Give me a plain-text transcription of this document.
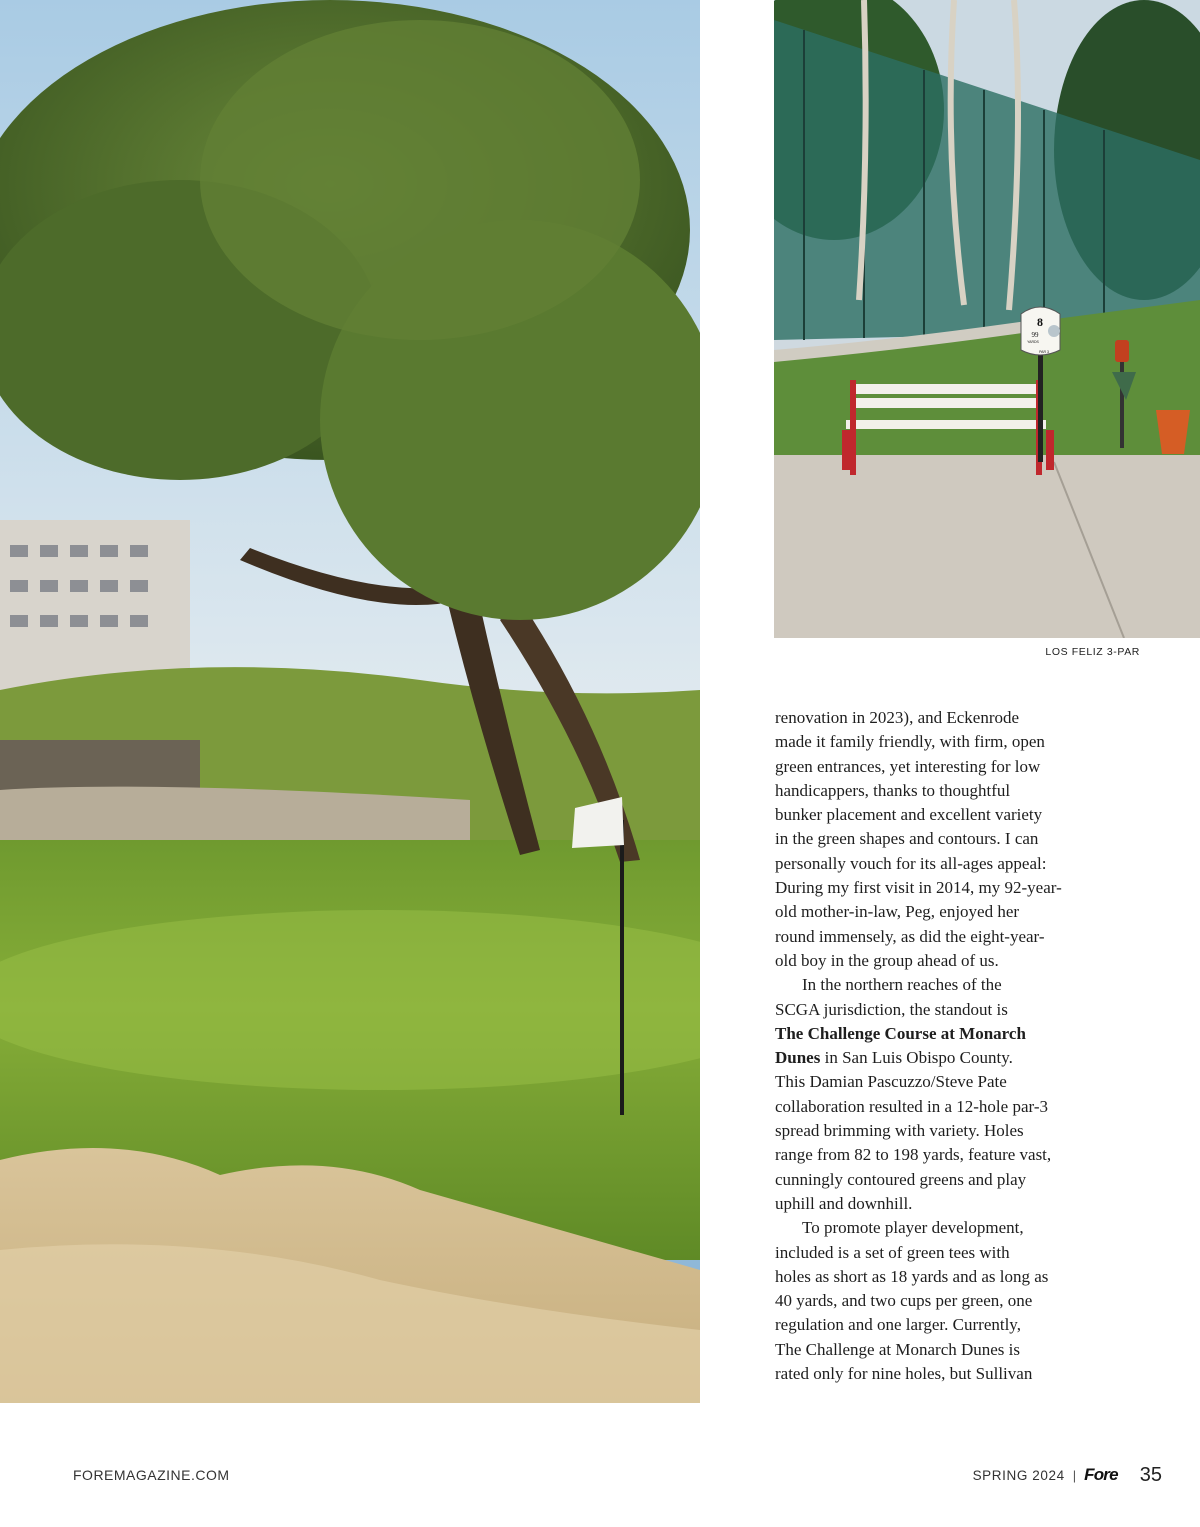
8
99
YARDS
PAR 3
LOS FELIZ 3-PAR

renovation in 2023), and Eckenrode
made it family friendly, with firm, open
green entrances, yet interesting for low
handicappers, thanks to thoughtful
bunker placement and excellent variety
in the green shapes and contours. I can
personally vouch for its all-ages appeal:
During my first visit in 2014, my 92-year-
old mother-in-law, Peg, enjoyed her
round immensely, as did the eight-year-
old boy in the group ahead of us.

In the northern reaches of the
SCGA jurisdiction, the standout is
The Challenge Course at Monarch
Dunes in San Luis Obispo County.
This Damian Pascuzzo/Steve Pate
collaboration resulted in a 12-hole par-3
spread brimming with variety. Holes
range from 82 to 198 yards, feature vast,
cunningly contoured greens and play
uphill and downhill.

To promote player development,
included is a set of green tees with
holes as short as 18 yards and as long as
40 yards, and two cups per green, one
regulation and one larger. Currently,
The Challenge at Monarch Dunes is
rated only for nine holes, but Sullivan

FOREMAGAZINE.COM	SPRING 2024 | Fore 35
